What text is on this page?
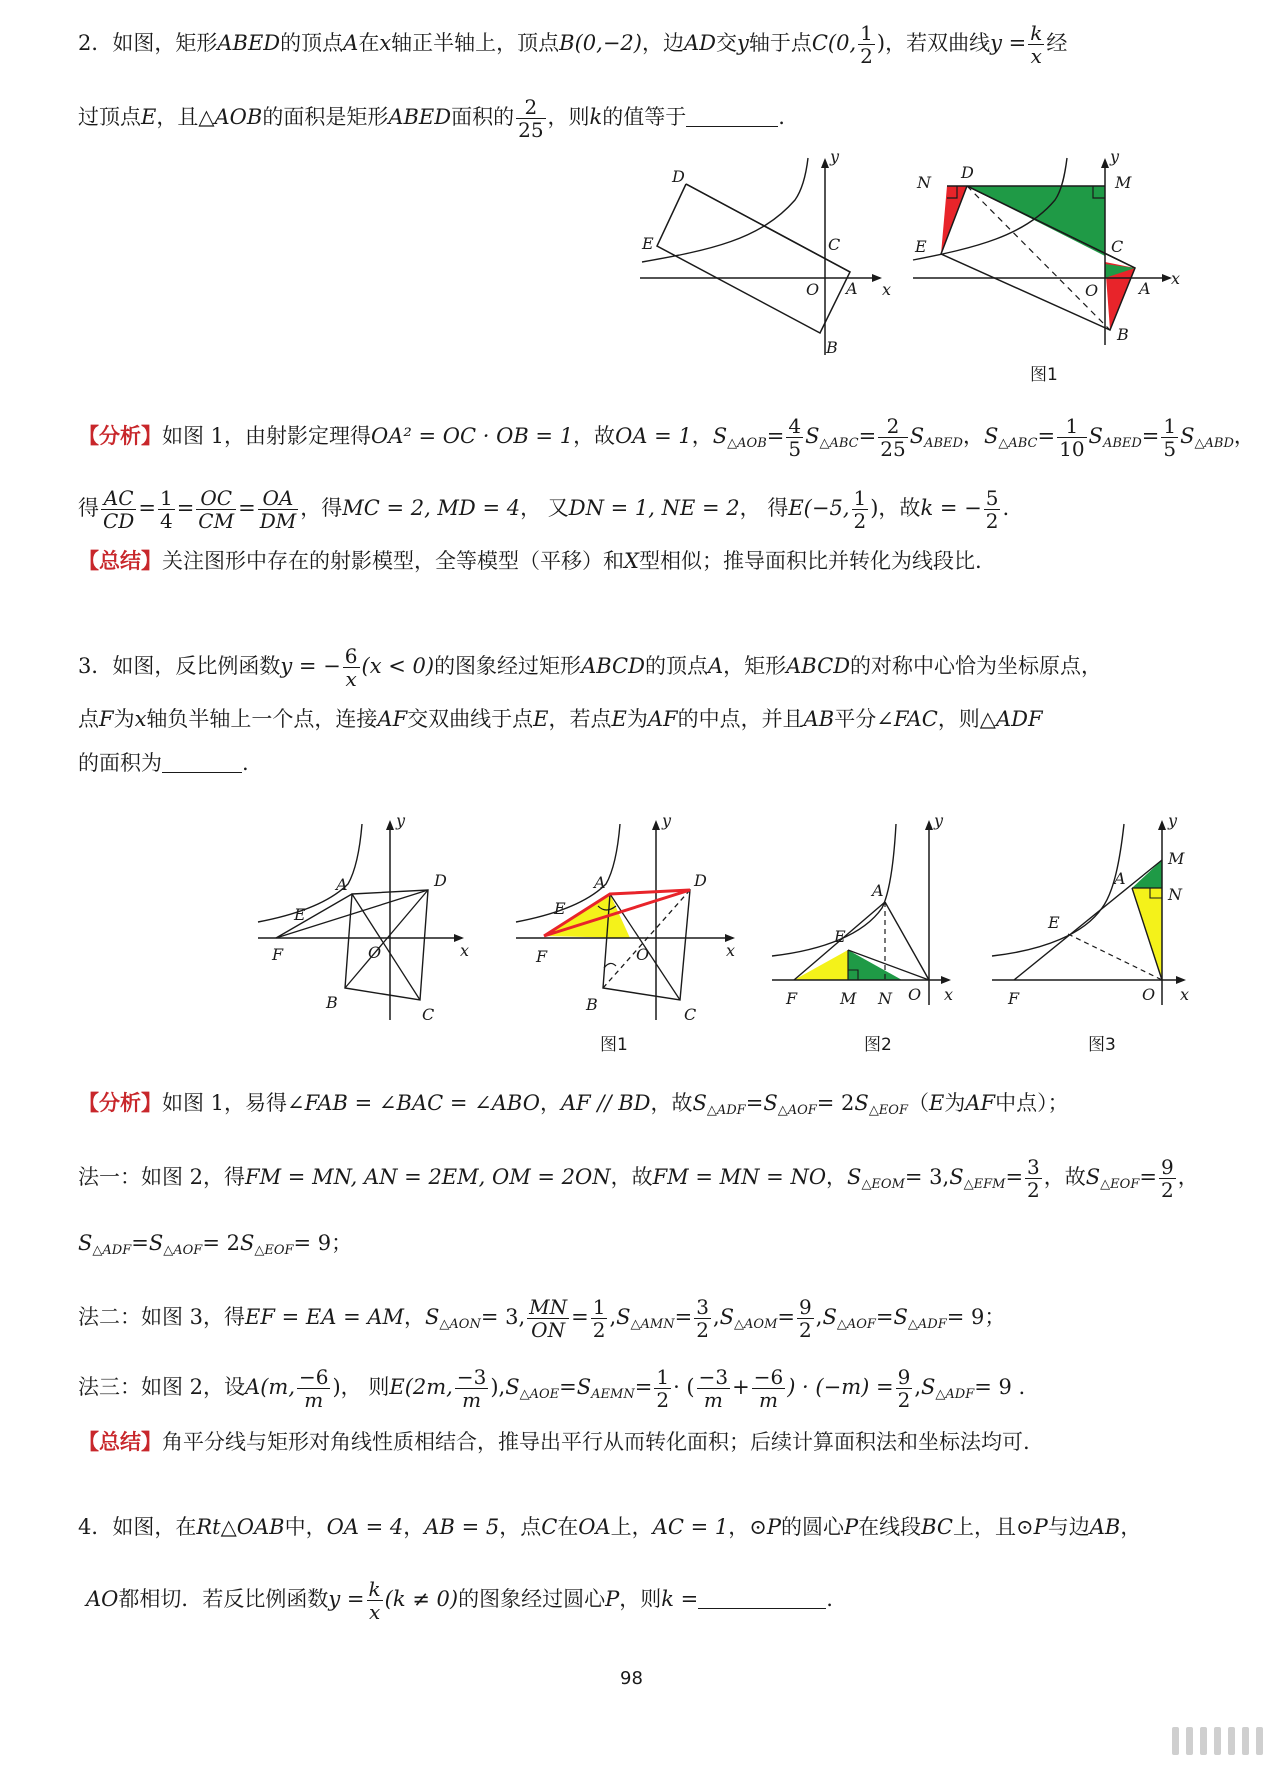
2．如图，矩形ABED的顶点A在x轴正半轴上，顶点B(0,−2)，边AD交y轴于点C(0, $\frac{1}{2}$ )，若双曲线$y = \frac{k}{x}$ 经
过顶点E，且△AOB的面积是矩形ABED面积的 $\frac{2}{25}$ ，则k的值等于	.
D
E	C
O A
B
x
y
N
D
M
E	C
O	A
B
x
y
图1
【分析】如图 1，由射影定理得OA² = OC · OB = 1，故OA = 1，$S_{\triangle AOB}= \frac{4}{5} S_{\triangle ABC}= \frac{2}{25} S_{ABED}$，$S_{\triangle ABC}= \frac{1}{10} S_{ABED}= \frac{1}{5} S_{\triangle ABD}$，
得 $\frac{AC}{CD} = \frac{1}{4} = \frac{OC}{CM} = \frac{OA}{DM}$ ，得MC = 2, MD = 4， 又DN = 1, NE = 2， 得E(−5, $\frac{1}{2}$ )，故k = − $\frac{5}{2}$ .
【总结】关注图形中存在的射影模型，全等模型（平移）和X型相似；推导面积比并转化为线段比.
3．如图，反比例函数y = − $\frac{6}{x} (x < 0)$的图象经过矩形ABCD的顶点A，矩形ABCD的对称中心恰为坐标原点，
点F为x轴负半轴上一个点，连接AF交双曲线于点E，若点E为AF的中点，并且AB平分∠FAC，则△ADF
的面积为	.
A
E
F	O
D
B
C
x
y
A
E
F	O
D
B
C
x
y
图1
A
E
F	M N O x
y
图2
A
E
F
M
N
O x
y
图3
【分析】如图 1，易得∠FAB = ∠BAC = ∠ABO，AF // BD，故$S_{\triangle ADF}=S_{\triangle AOF}= 2S_{\triangle EOF}(E$为AF中点）；
法一：如图 2，得FM = MN, AN = 2EM, OM = 2ON，故FM = MN = NO，$S_{\triangle EOM}= 3,S_{\triangle EFM}= \frac{3}{2}$ ，故$S_{\triangle EOF}= \frac{9}{2}$ ，
$S_{\triangle ADF}=S_{\triangle AOF}= 2S_{\triangle EOF}= 9$；
法二：如图 3，得EF = EA = AM，$S_{\triangle AON}= 3$, $\frac{MN}{ON} = \frac{1}{2} ,S_{\triangle AMN}= \frac{3}{2} ,S_{\triangle AOM}= \frac{9}{2} ,S_{\triangle AOF}=S_{\triangle ADF}= 9$；
法三：如图 2，设A(m, $\frac{-6}{m}$ )， 则E(2m, $\frac{-3}{m} ),S_{\triangle AOE}=S_{AEMN}= \frac{1}{2}$ · ( $\frac{-3}{m} + \frac{-6}{m}$ ) · $(-m) = \frac{9}{2} ,S_{\triangle ADF}= 9$ .
【总结】角平分线与矩形对角线性质相结合，推导出平行从而转化面积；后续计算面积法和坐标法均可.
4．如图，在Rt△OAB中，OA = 4，AB = 5，点C在OA上，AC = 1，⊙P的圆心P在线段BC上，且⊙P与边AB，
AO都相切．若反比例函数$y = \frac{k}{x} (k \ne 0)$的图象经过圆心P，则k =	.
98
